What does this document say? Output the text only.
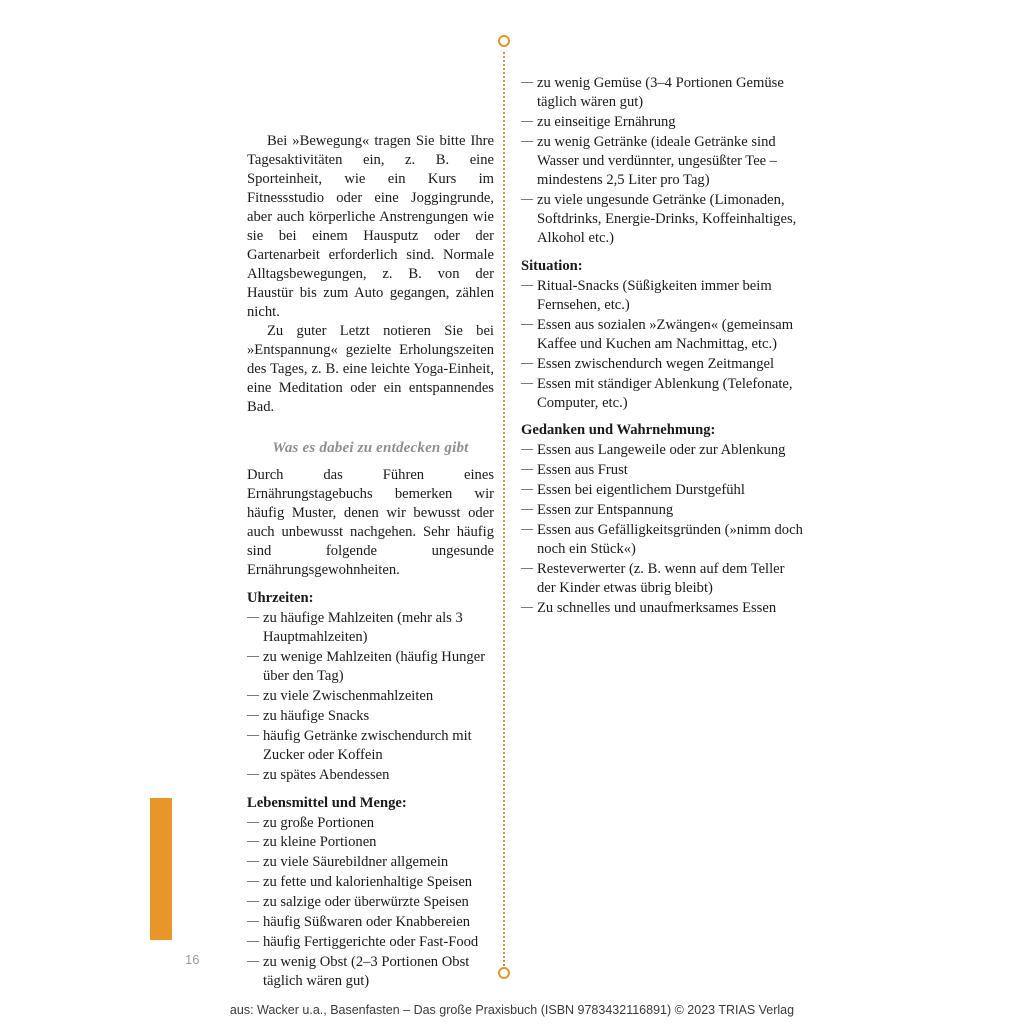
Bei »Bewegung« tragen Sie bitte Ihre Tagesaktivitäten ein, z. B. eine Sporteinheit, wie ein Kurs im Fitnessstudio oder eine Joggingrunde, aber auch körperliche Anstrengungen wie sie bei einem Hausputz oder der Gartenarbeit erforderlich sind. Normale Alltagsbewegungen, z. B. von der Haustür bis zum Auto gegangen, zählen nicht.

Zu guter Letzt notieren Sie bei »Entspannung« gezielte Erholungszeiten des Tages, z. B. eine leichte Yoga-Einheit, eine Meditation oder ein entspannendes Bad.

Was es dabei zu entdecken gibt

Durch das Führen eines Ernährungstagebuchs bemerken wir häufig Muster, denen wir bewusst oder auch unbewusst nachgehen. Sehr häufig sind folgende ungesunde Ernährungsgewohnheiten.

Uhrzeiten:
— zu häufige Mahlzeiten (mehr als 3 Hauptmahlzeiten)
— zu wenige Mahlzeiten (häufig Hunger über den Tag)
— zu viele Zwischenmahlzeiten
— zu häufige Snacks
— häufig Getränke zwischendurch mit Zucker oder Koffein
— zu spätes Abendessen
Lebensmittel und Menge:
— zu große Portionen
— zu kleine Portionen
— zu viele Säurebildner allgemein
— zu fette und kalorienhaltige Speisen
— zu salzige oder überwürzte Speisen
— häufig Süßwaren oder Knabbereien
— häufig Fertiggerichte oder Fast-Food
— zu wenig Obst (2–3 Portionen Obst täglich wären gut)
— zu wenig Gemüse (3–4 Portionen Gemüse täglich wären gut)
— zu einseitige Ernährung
— zu wenig Getränke (ideale Getränke sind Wasser und verdünnter, ungesüßter Tee – mindestens 2,5 Liter pro Tag)
— zu viele ungesunde Getränke (Limonaden, Softdrinks, Energie-Drinks, Koffeinhaltiges, Alkohol etc.)
Situation:
— Ritual-Snacks (Süßigkeiten immer beim Fernsehen, etc.)
— Essen aus sozialen »Zwängen« (gemeinsam Kaffee und Kuchen am Nachmittag, etc.)
— Essen zwischendurch wegen Zeitmangel
— Essen mit ständiger Ablenkung (Telefonate, Computer, etc.)
Gedanken und Wahrnehmung:
— Essen aus Langeweile oder zur Ablenkung
— Essen aus Frust
— Essen bei eigentlichem Durstgefühl
— Essen zur Entspannung
— Essen aus Gefälligkeitsgründen (»nimm doch noch ein Stück«)
— Resteverwerter (z. B. wenn auf dem Teller der Kinder etwas übrig bleibt)
— Zu schnelles und unaufmerksames Essen
16
aus: Wacker u.a., Basenfasten – Das große Praxisbuch (ISBN 9783432116891) © 2023 TRIAS Verlag
